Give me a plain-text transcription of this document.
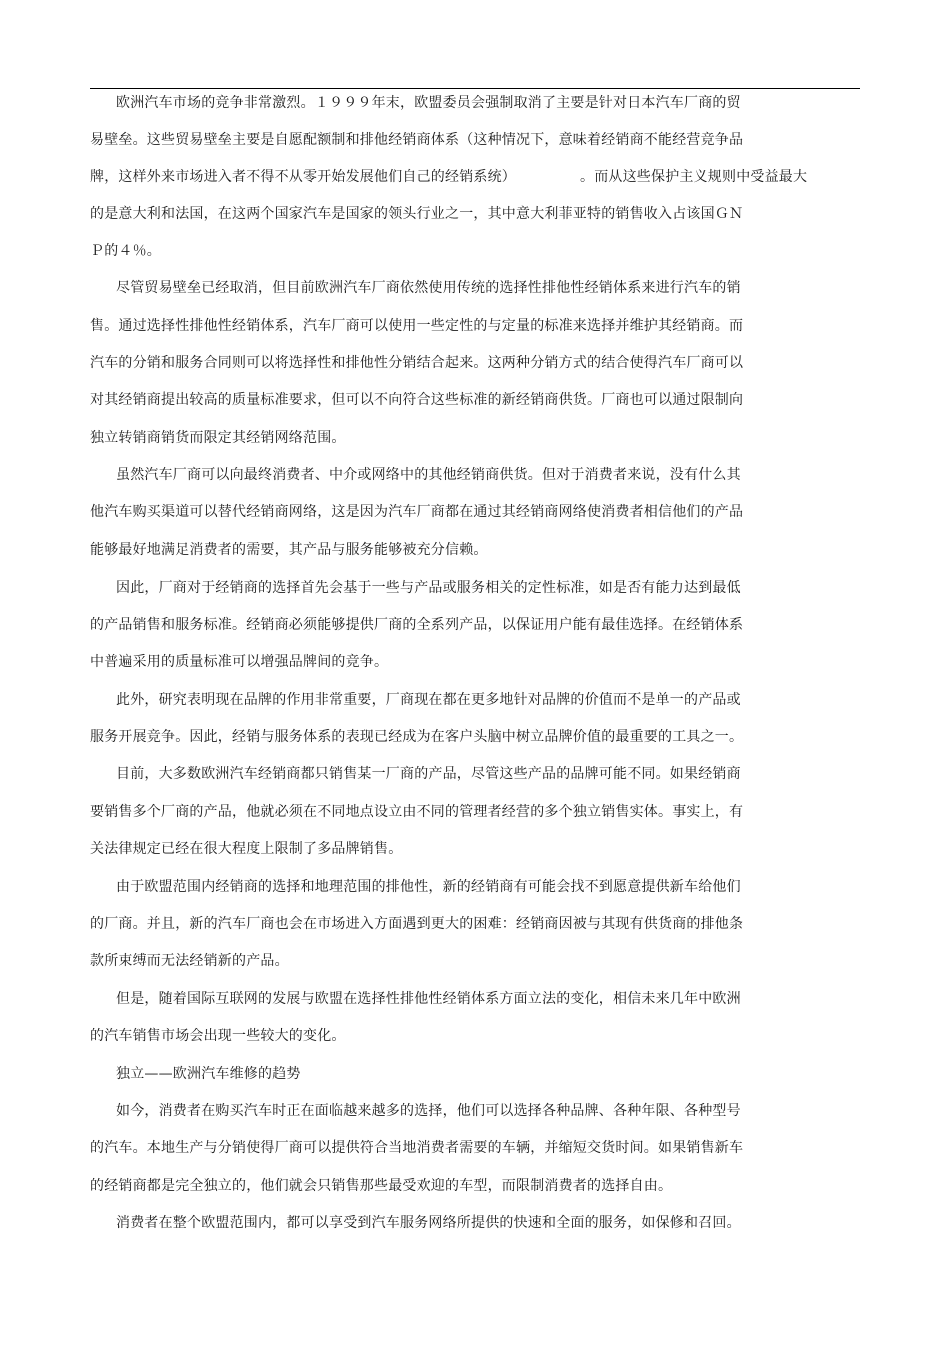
欧洲汽车市场的竞争非常激烈。１９９９年末，欧盟委员会强制取消了主要是针对日本汽车厂商的贸
易壁垒。这些贸易壁垒主要是自愿配额制和排他经销商体系（这种情况下，意味着经销商不能经营竞争品
牌，这样外来市场进入者不得不从零开始发展他们自己的经销系统）	。而从这些保护主义规则中受益最大
的是意大利和法国，在这两个国家汽车是国家的领头行业之一，其中意大利菲亚特的销售收入占该国ＧＮ
Ｐ的４％。
尽管贸易壁垒已经取消，但目前欧洲汽车厂商依然使用传统的选择性排他性经销体系来进行汽车的销
售。通过选择性排他性经销体系，汽车厂商可以使用一些定性的与定量的标准来选择并维护其经销商。而
汽车的分销和服务合同则可以将选择性和排他性分销结合起来。这两种分销方式的结合使得汽车厂商可以
对其经销商提出较高的质量标准要求，但可以不向符合这些标准的新经销商供货。厂商也可以通过限制向
独立转销商销货而限定其经销网络范围。
虽然汽车厂商可以向最终消费者、中介或网络中的其他经销商供货。但对于消费者来说，没有什么其
他汽车购买渠道可以替代经销商网络，这是因为汽车厂商都在通过其经销商网络使消费者相信他们的产品
能够最好地满足消费者的需要，其产品与服务能够被充分信赖。
因此，厂商对于经销商的选择首先会基于一些与产品或服务相关的定性标准，如是否有能力达到最低
的产品销售和服务标准。经销商必须能够提供厂商的全系列产品，以保证用户能有最佳选择。在经销体系
中普遍采用的质量标准可以增强品牌间的竞争。
此外，研究表明现在品牌的作用非常重要，厂商现在都在更多地针对品牌的价值而不是单一的产品或
服务开展竞争。因此，经销与服务体系的表现已经成为在客户头脑中树立品牌价值的最重要的工具之一。
目前，大多数欧洲汽车经销商都只销售某一厂商的产品，尽管这些产品的品牌可能不同。如果经销商
要销售多个厂商的产品，他就必须在不同地点设立由不同的管理者经营的多个独立销售实体。事实上，有
关法律规定已经在很大程度上限制了多品牌销售。
由于欧盟范围内经销商的选择和地理范围的排他性，新的经销商有可能会找不到愿意提供新车给他们
的厂商。并且，新的汽车厂商也会在市场进入方面遇到更大的困难：经销商因被与其现有供货商的排他条
款所束缚而无法经销新的产品。
但是，随着国际互联网的发展与欧盟在选择性排他性经销体系方面立法的变化，相信未来几年中欧洲
的汽车销售市场会出现一些较大的变化。
独立——欧洲汽车维修的趋势
如今，消费者在购买汽车时正在面临越来越多的选择，他们可以选择各种品牌、各种年限、各种型号
的汽车。本地生产与分销使得厂商可以提供符合当地消费者需要的车辆，并缩短交货时间。如果销售新车
的经销商都是完全独立的，他们就会只销售那些最受欢迎的车型，而限制消费者的选择自由。
消费者在整个欧盟范围内，都可以享受到汽车服务网络所提供的快速和全面的服务，如保修和召回。
